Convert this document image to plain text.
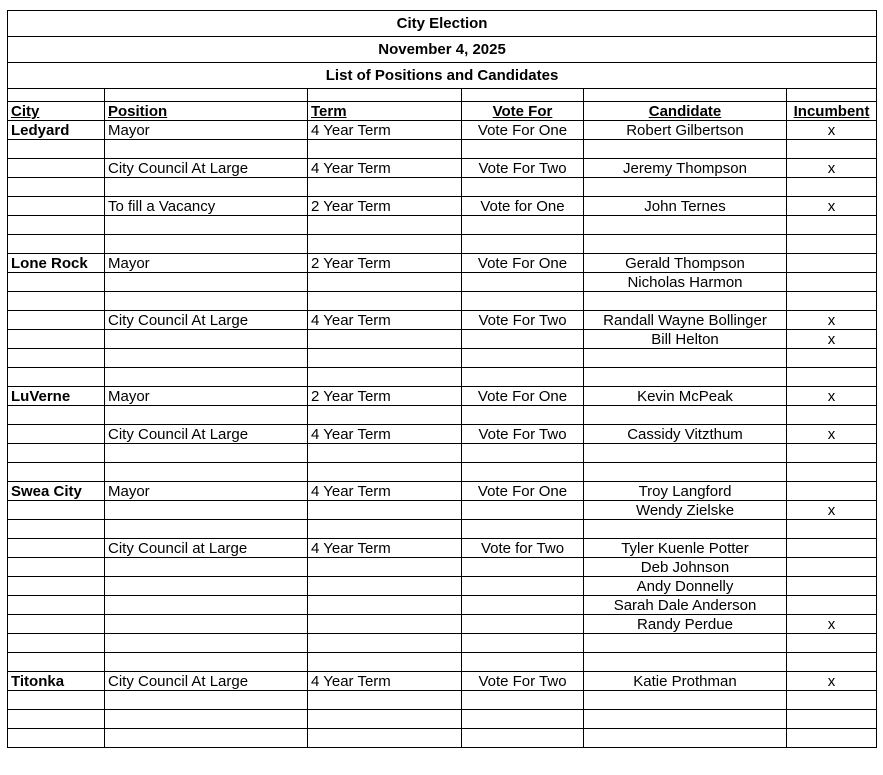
City Election					
November 4, 2025					
List of Positions and Candidates					

City	Position	Term	Vote For	Candidate	Incumbent
Ledyard	Mayor	4 Year Term	Vote For One	Robert Gilbertson	x

	City Council At Large	4 Year Term	Vote For Two	Jeremy Thompson	x

	To fill a Vacancy	2 Year Term	Vote for One	John Ternes	x

Lone Rock	Mayor	2 Year Term	Vote For One	Gerald Thompson	
				Nicholas Harmon	

	City Council At Large	4 Year Term	Vote For Two	Randall Wayne Bollinger	x
				Bill Helton	x

LuVerne	Mayor	2 Year Term	Vote For One	Kevin McPeak	x

	City Council At Large	4 Year Term	Vote For Two	Cassidy Vitzthum	x

Swea City	Mayor	4 Year Term	Vote For One	Troy Langford	
				Wendy Zielske	x

	City Council at Large	4 Year Term	Vote for Two	Tyler Kuenle Potter	
				Deb Johnson	
				Andy Donnelly	
				Sarah Dale Anderson	
				Randy Perdue	x

Titonka	City Council At Large	4 Year Term	Vote For Two	Katie Prothman	x
